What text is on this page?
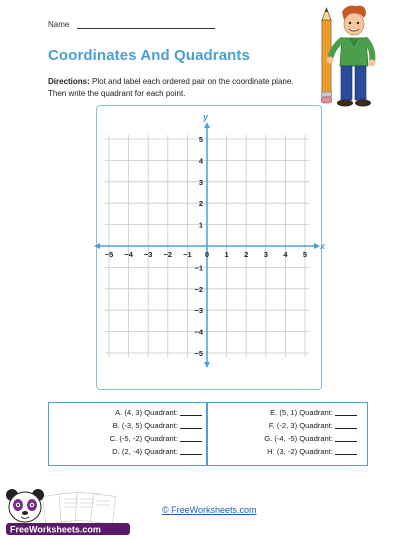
Name
Coordinates And Quadrants
Directions: Plot and label each ordered pair on the coordinate plane. Then write the quadrant for each point.
x
y
−5
−5
−4
−4
−3
−3
−2
−2
−1
−1
0 1
1
2
2
3
3
4
4
5
5
A. (4, 3) Quadrant:
B. (-3, 5) Quadrant:
C. (-5, -2) Quadrant:
D. (2, -4) Quadrant:
E. (5, 1) Quadrant:
F. (-2, 3) Quadrant:
G. (-4, -5) Quadrant:
H. (3, -2) Quadrant:
© FreeWorksheets.com
FreeWorksheets.com
